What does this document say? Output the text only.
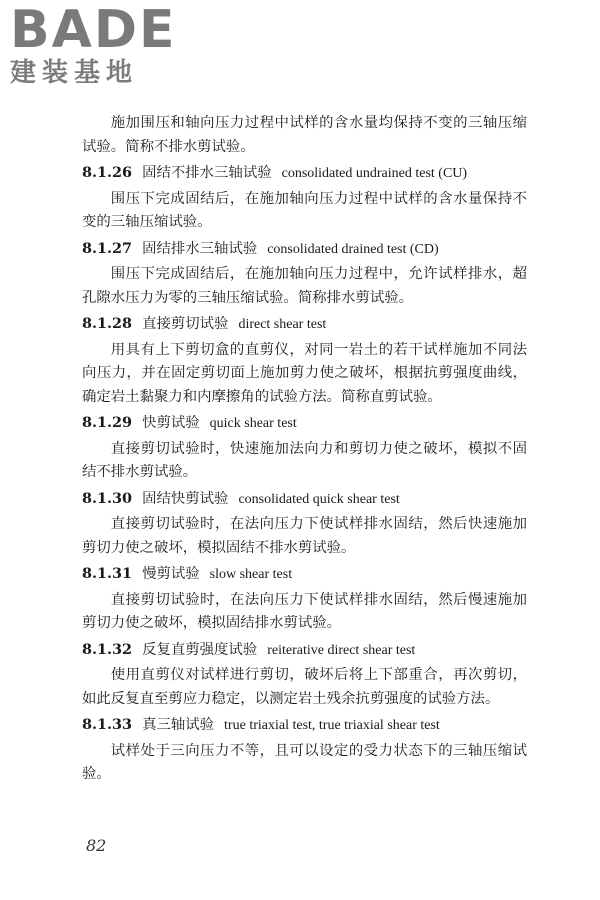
BADE
建装基地

施加围压和轴向压力过程中试样的含水量均保持不变的三轴压缩试验。简称不排水剪试验。

8.1.26 固结不排水三轴试验 consolidated undrained test (CU)

围压下完成固结后，在施加轴向压力过程中试样的含水量保持不变的三轴压缩试验。

8.1.27 固结排水三轴试验 consolidated drained test (CD)

围压下完成固结后，在施加轴向压力过程中，允许试样排水，超孔隙水压力为零的三轴压缩试验。简称排水剪试验。

8.1.28 直接剪切试验 direct shear test

用具有上下剪切盒的直剪仪，对同一岩土的若干试样施加不同法向压力，并在固定剪切面上施加剪力使之破坏，根据抗剪强度曲线，确定岩土黏聚力和内摩擦角的试验方法。简称直剪试验。

8.1.29 快剪试验 quick shear test

直接剪切试验时，快速施加法向力和剪切力使之破坏，模拟不固结不排水剪试验。

8.1.30 固结快剪试验 consolidated quick shear test

直接剪切试验时，在法向压力下使试样排水固结，然后快速施加剪切力使之破坏，模拟固结不排水剪试验。

8.1.31 慢剪试验 slow shear test

直接剪切试验时，在法向压力下使试样排水固结，然后慢速施加剪切力使之破坏，模拟固结排水剪试验。

8.1.32 反复直剪强度试验 reiterative direct shear test

使用直剪仪对试样进行剪切，破坏后将上下部重合，再次剪切，如此反复直至剪应力稳定，以测定岩土残余抗剪强度的试验方法。

8.1.33 真三轴试验 true triaxial test, true triaxial shear test

试样处于三向压力不等，且可以设定的受力状态下的三轴压缩试验。

82
